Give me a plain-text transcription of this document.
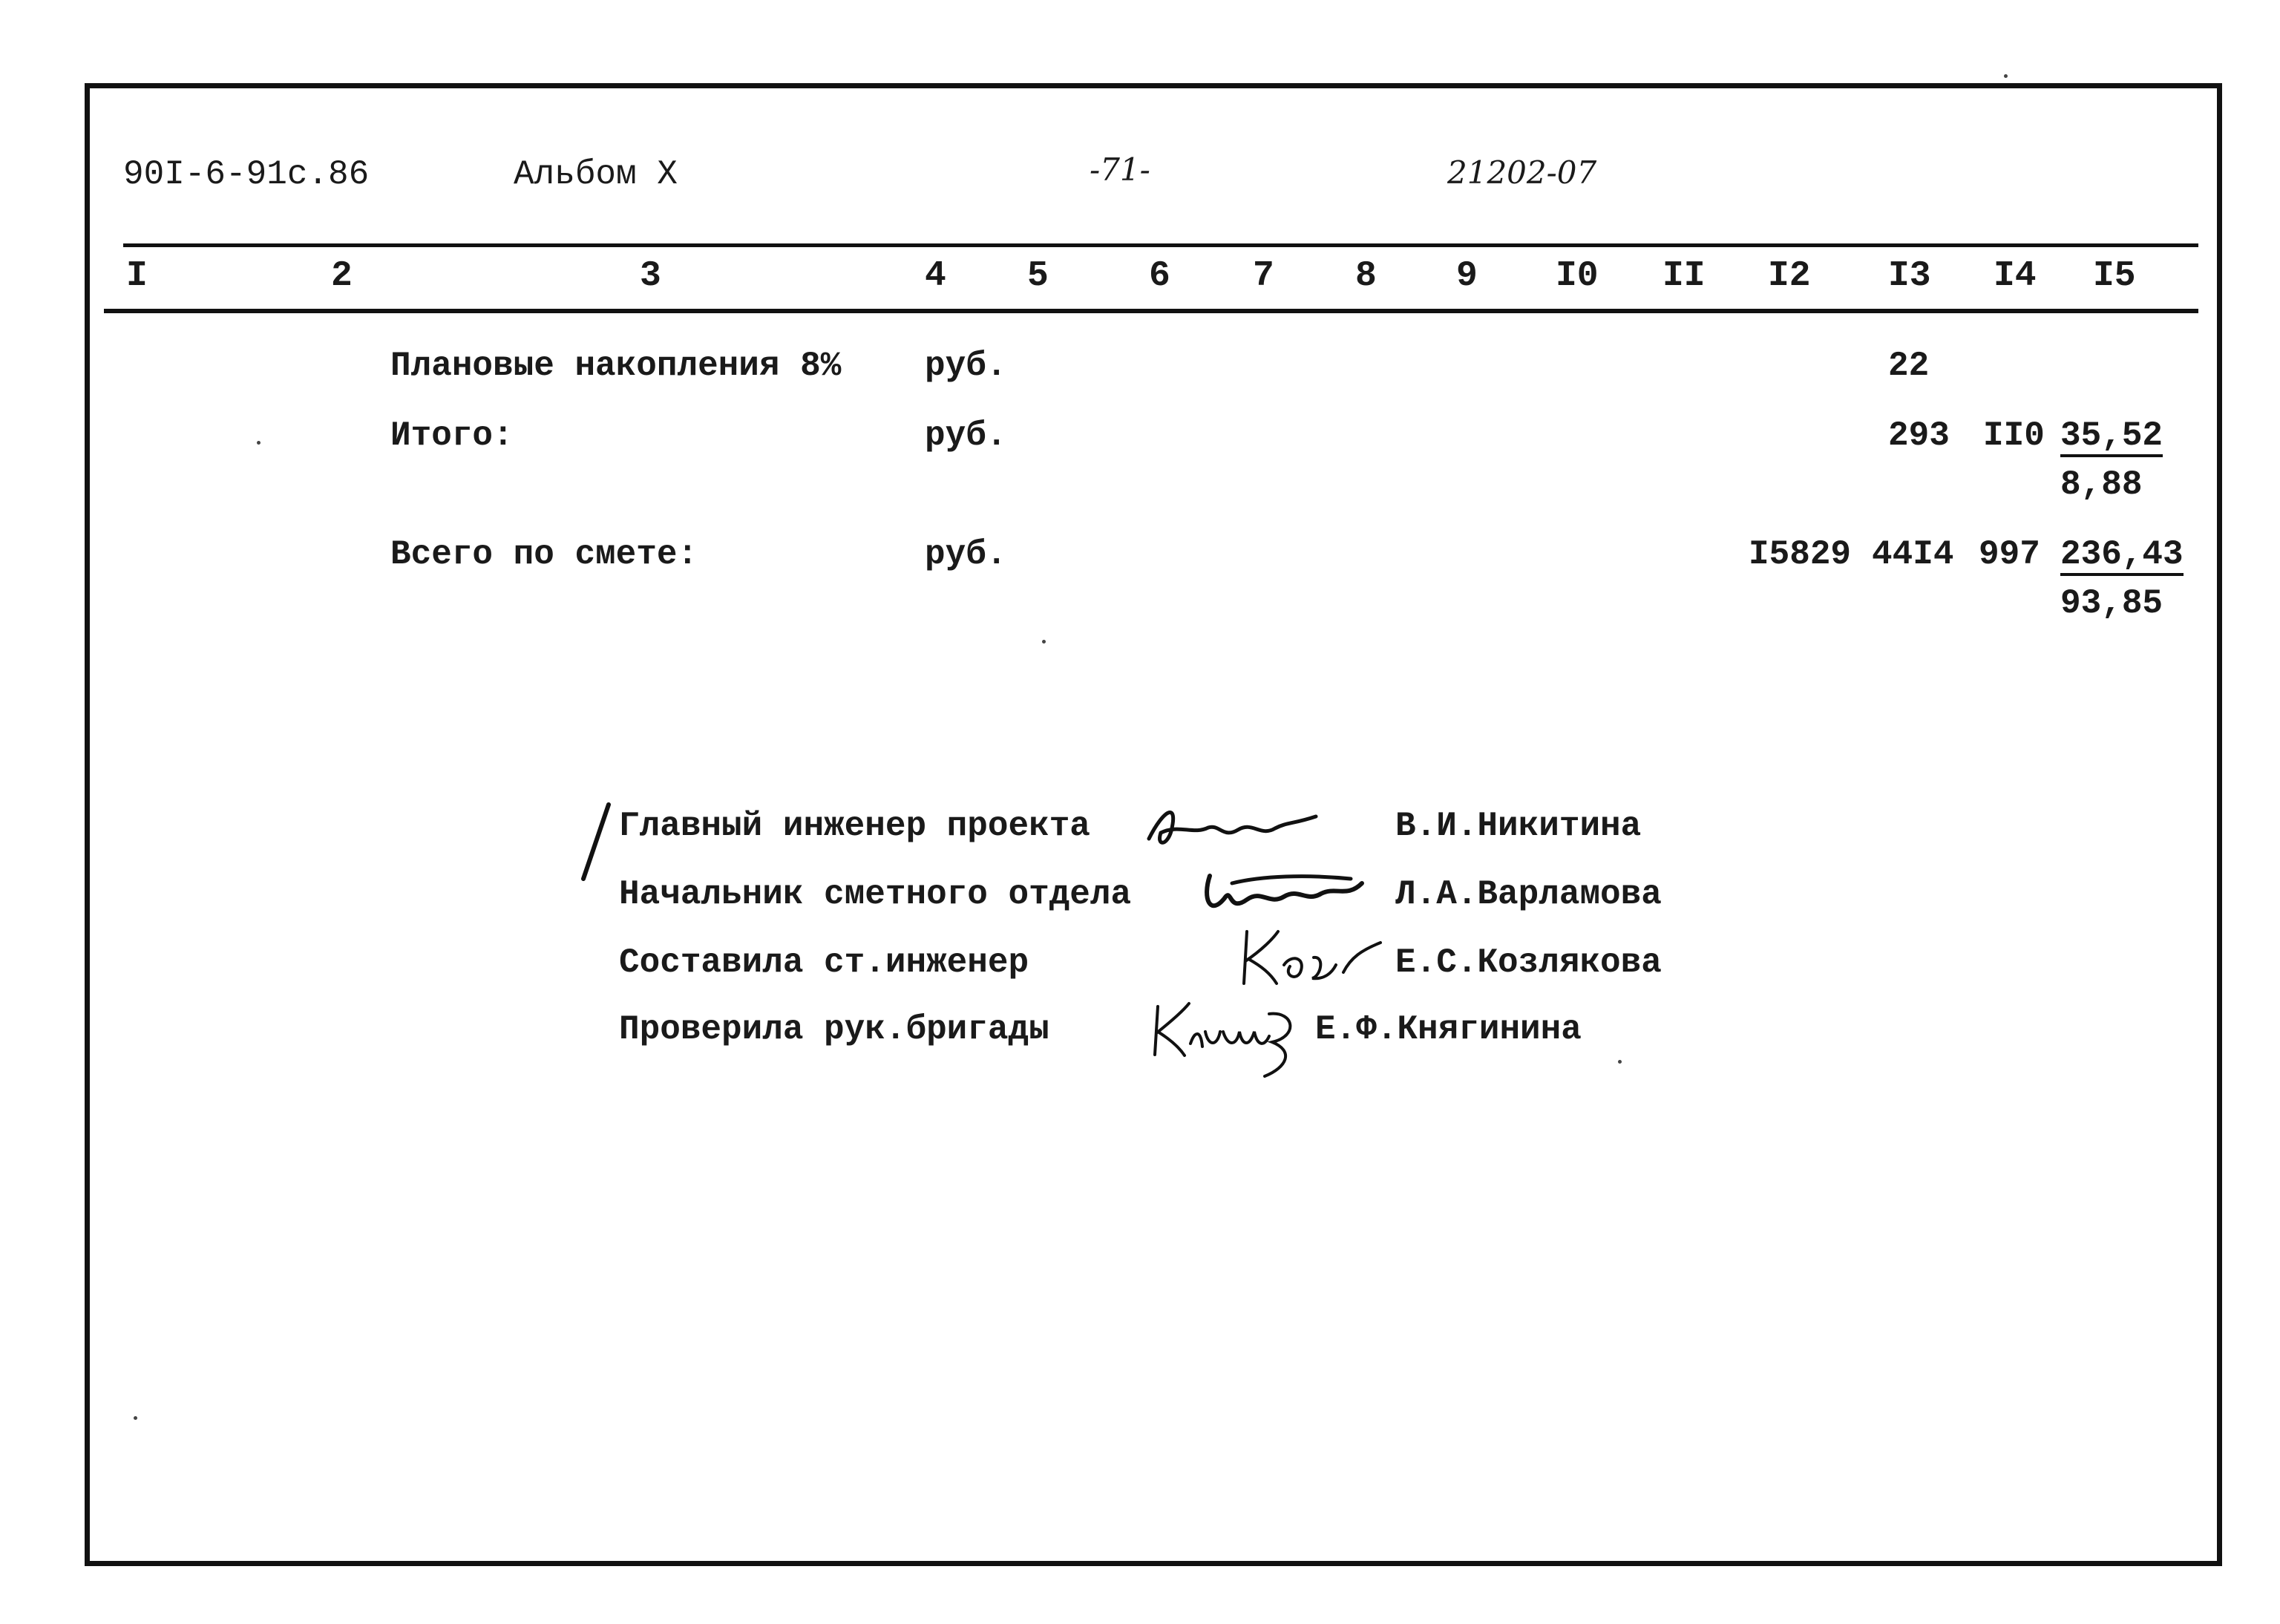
90I-6-91с.86	Альбом X	-71-	21202-07
I	2	3	4 5	6 7 8 9 I0 II I2 I3 I4 I5
Плановые накопления 8% руб.	22
Итого:	руб.	293 II0 35,52
8,88
Всего по смете:	руб.	I5829 44I4 997 236,43
93,85
Главный инженер проекта	В.И.Никитина
Начальник сметного отдела	Л.А.Варламова
Составила ст.инженер	Е.С.Козлякова
Проверила рук.бригады	Е.Ф.Княгинина
